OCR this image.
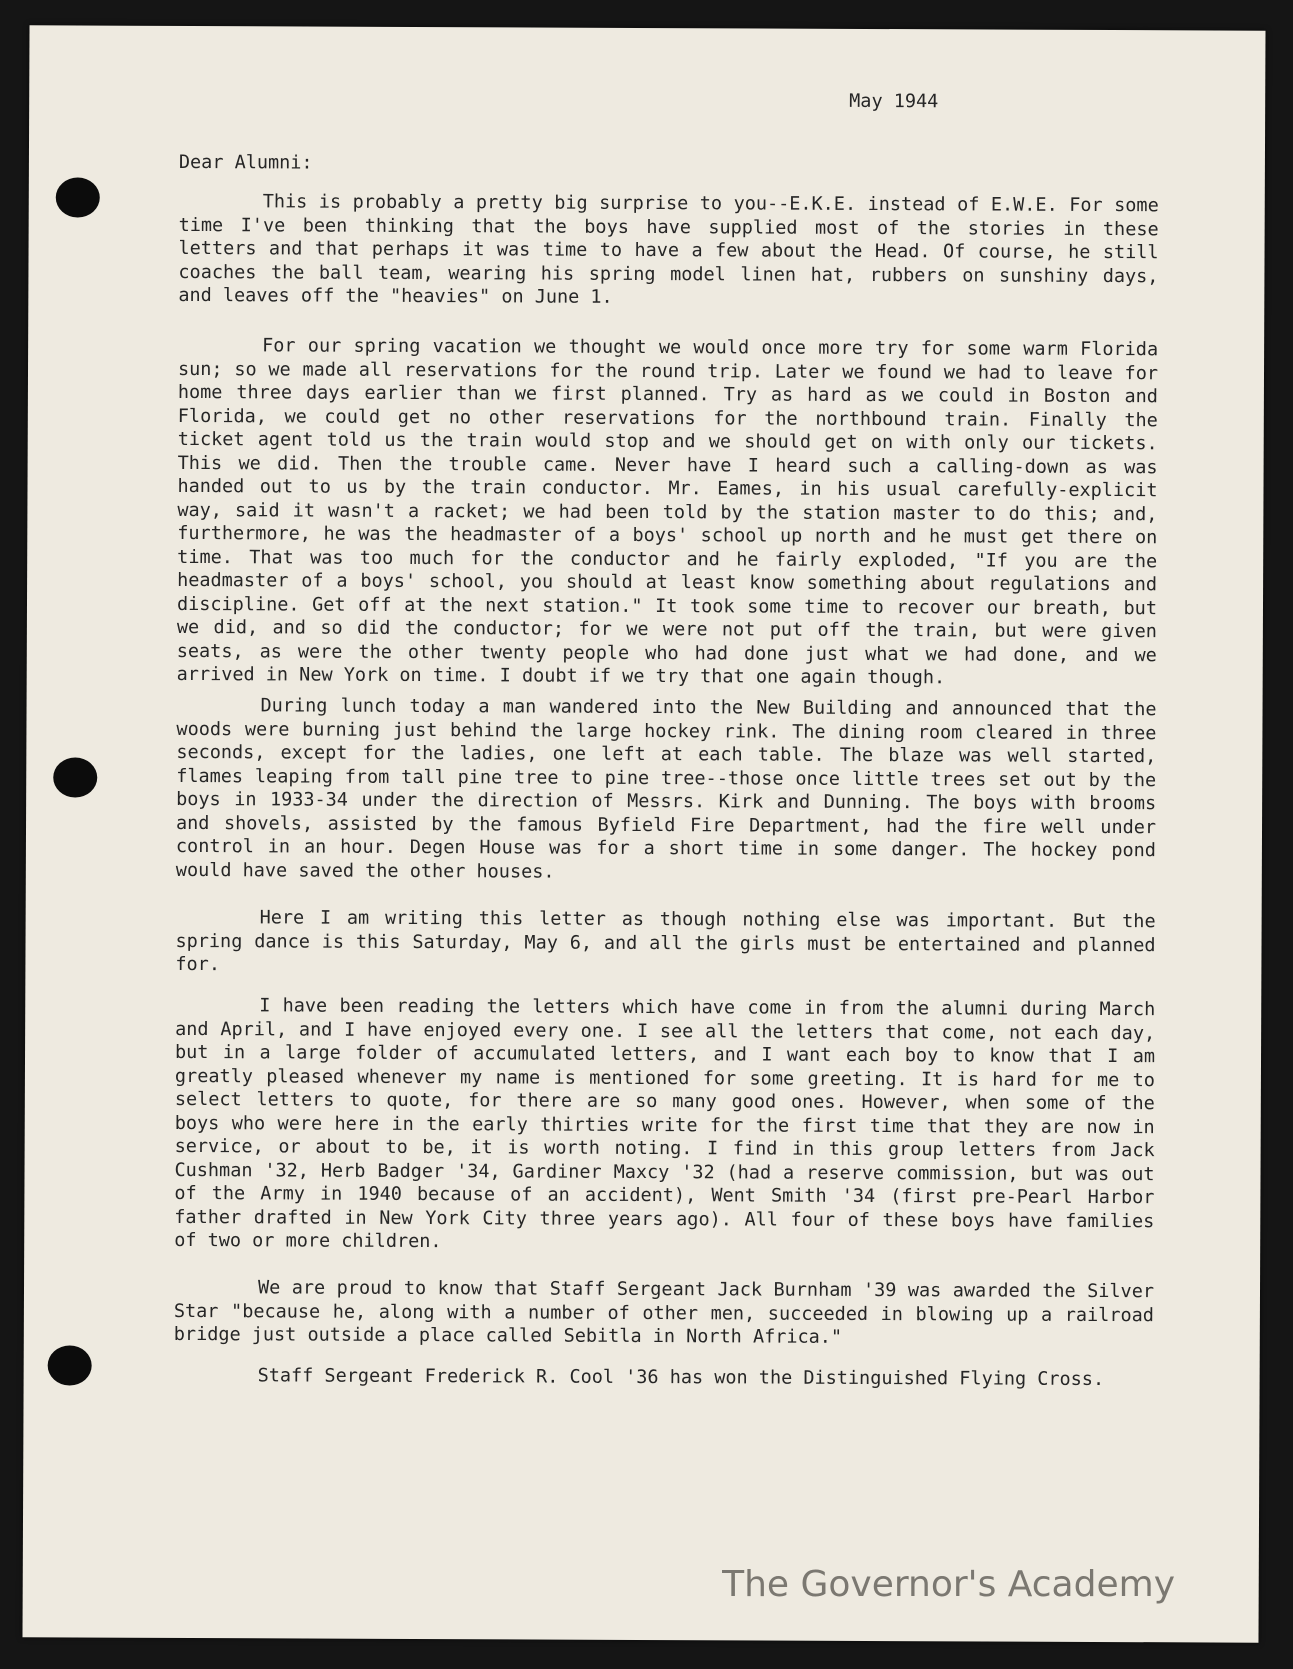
May 1944
Dear Alumni:

This is probably a pretty big surprise to you--E.K.E. instead of E.W.E. For some time I've been thinking that the boys have supplied most of the stories in these letters and that perhaps it was time to have a few about the Head. Of course, he still coaches the ball team, wearing his spring model linen hat, rubbers on sunshiny days, and leaves off the "heavies" on June 1.

For our spring vacation we thought we would once more try for some warm Florida sun; so we made all reservations for the round trip. Later we found we had to leave for home three days earlier than we first planned. Try as hard as we could in Boston and Florida, we could get no other reservations for the northbound train. Finally the ticket agent told us the train would stop and we should get on with only our tickets. This we did. Then the trouble came. Never have I heard such a calling-down as was handed out to us by the train conductor. Mr. Eames, in his usual carefully-explicit way, said it wasn't a racket; we had been told by the station master to do this; and, furthermore, he was the headmaster of a boys' school up north and he must get there on time. That was too much for the conductor and he fairly exploded, "If you are the headmaster of a boys' school, you should at least know something about regulations and discipline. Get off at the next station." It took some time to recover our breath, but we did, and so did the conductor; for we were not put off the train, but were given seats, as were the other twenty people who had done just what we had done, and we arrived in New York on time. I doubt if we try that one again though.

During lunch today a man wandered into the New Building and announced that the woods were burning just behind the large hockey rink. The dining room cleared in three seconds, except for the ladies, one left at each table. The blaze was well started, flames leaping from tall pine tree to pine tree--those once little trees set out by the boys in 1933-34 under the direction of Messrs. Kirk and Dunning. The boys with brooms and shovels, assisted by the famous Byfield Fire Department, had the fire well under control in an hour. Degen House was for a short time in some danger. The hockey pond would have saved the other houses.

Here I am writing this letter as though nothing else was important. But the spring dance is this Saturday, May 6, and all the girls must be entertained and planned for.

I have been reading the letters which have come in from the alumni during March and April, and I have enjoyed every one. I see all the letters that come, not each day, but in a large folder of accumulated letters, and I want each boy to know that I am greatly pleased whenever my name is mentioned for some greeting. It is hard for me to select letters to quote, for there are so many good ones. However, when some of the boys who were here in the early thirties write for the first time that they are now in service, or about to be, it is worth noting. I find in this group letters from Jack Cushman '32, Herb Badger '34, Gardiner Maxcy '32 (had a reserve commission, but was out of the Army in 1940 because of an accident), Went Smith '34 (first pre-Pearl Harbor father drafted in New York City three years ago). All four of these boys have families of two or more children.

We are proud to know that Staff Sergeant Jack Burnham '39 was awarded the Silver Star "because he, along with a number of other men, succeeded in blowing up a railroad bridge just outside a place called Sebitla in North Africa."

Staff Sergeant Frederick R. Cool '36 has won the Distinguished Flying Cross.

The Governor's Academy
